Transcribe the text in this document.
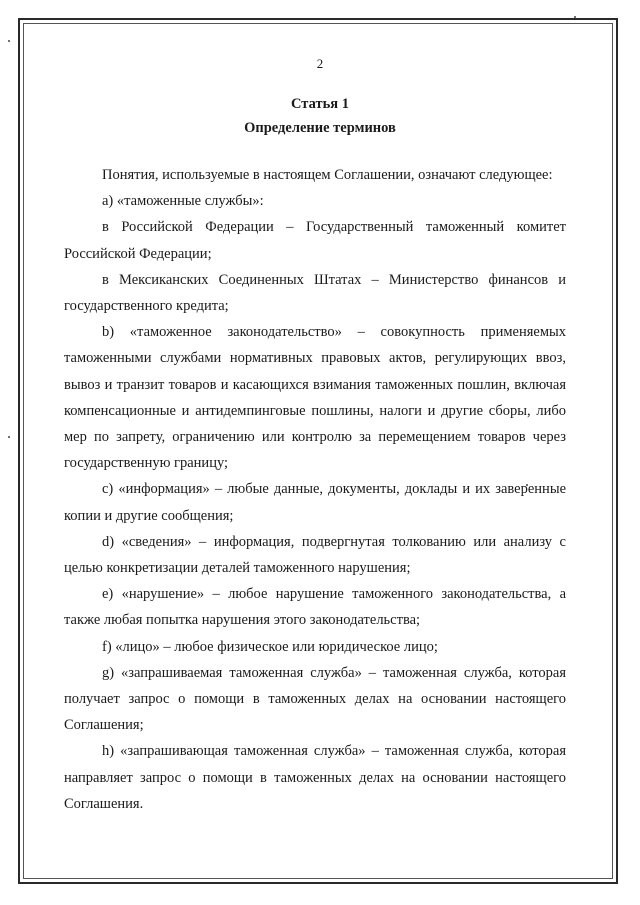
2
Статья 1
Определение терминов

Понятия, используемые в настоящем Соглашении, означают следующее:

а) «таможенные службы»:

в Российской Федерации – Государственный таможенный комитет Российской Федерации;

в Мексиканских Соединенных Штатах – Министерство финансов и государственного кредита;

b) «таможенное законодательство» – совокупность применяемых таможенными службами нормативных правовых актов, регулирующих ввоз, вывоз и транзит товаров и касающихся взимания таможенных пошлин, включая компенсационные и антидемпинговые пошлины, налоги и другие сборы, либо мер по запрету, ограничению или контролю за перемещением товаров через государственную границу;

с) «информация» – любые данные, документы, доклады и их заверенные копии и другие сообщения;

d) «сведения» – информация, подвергнутая толкованию или анализу с целью конкретизации деталей таможенного нарушения;

е) «нарушение» – любое нарушение таможенного законодательства, а также любая попытка нарушения этого законодательства;

f) «лицо» – любое физическое или юридическое лицо;

g) «запрашиваемая таможенная служба» – таможенная служба, которая получает запрос о помощи в таможенных делах на основании настоящего Соглашения;

h) «запрашивающая таможенная служба» – таможенная служба, которая направляет запрос о помощи в таможенных делах на основании настоящего Соглашения.
